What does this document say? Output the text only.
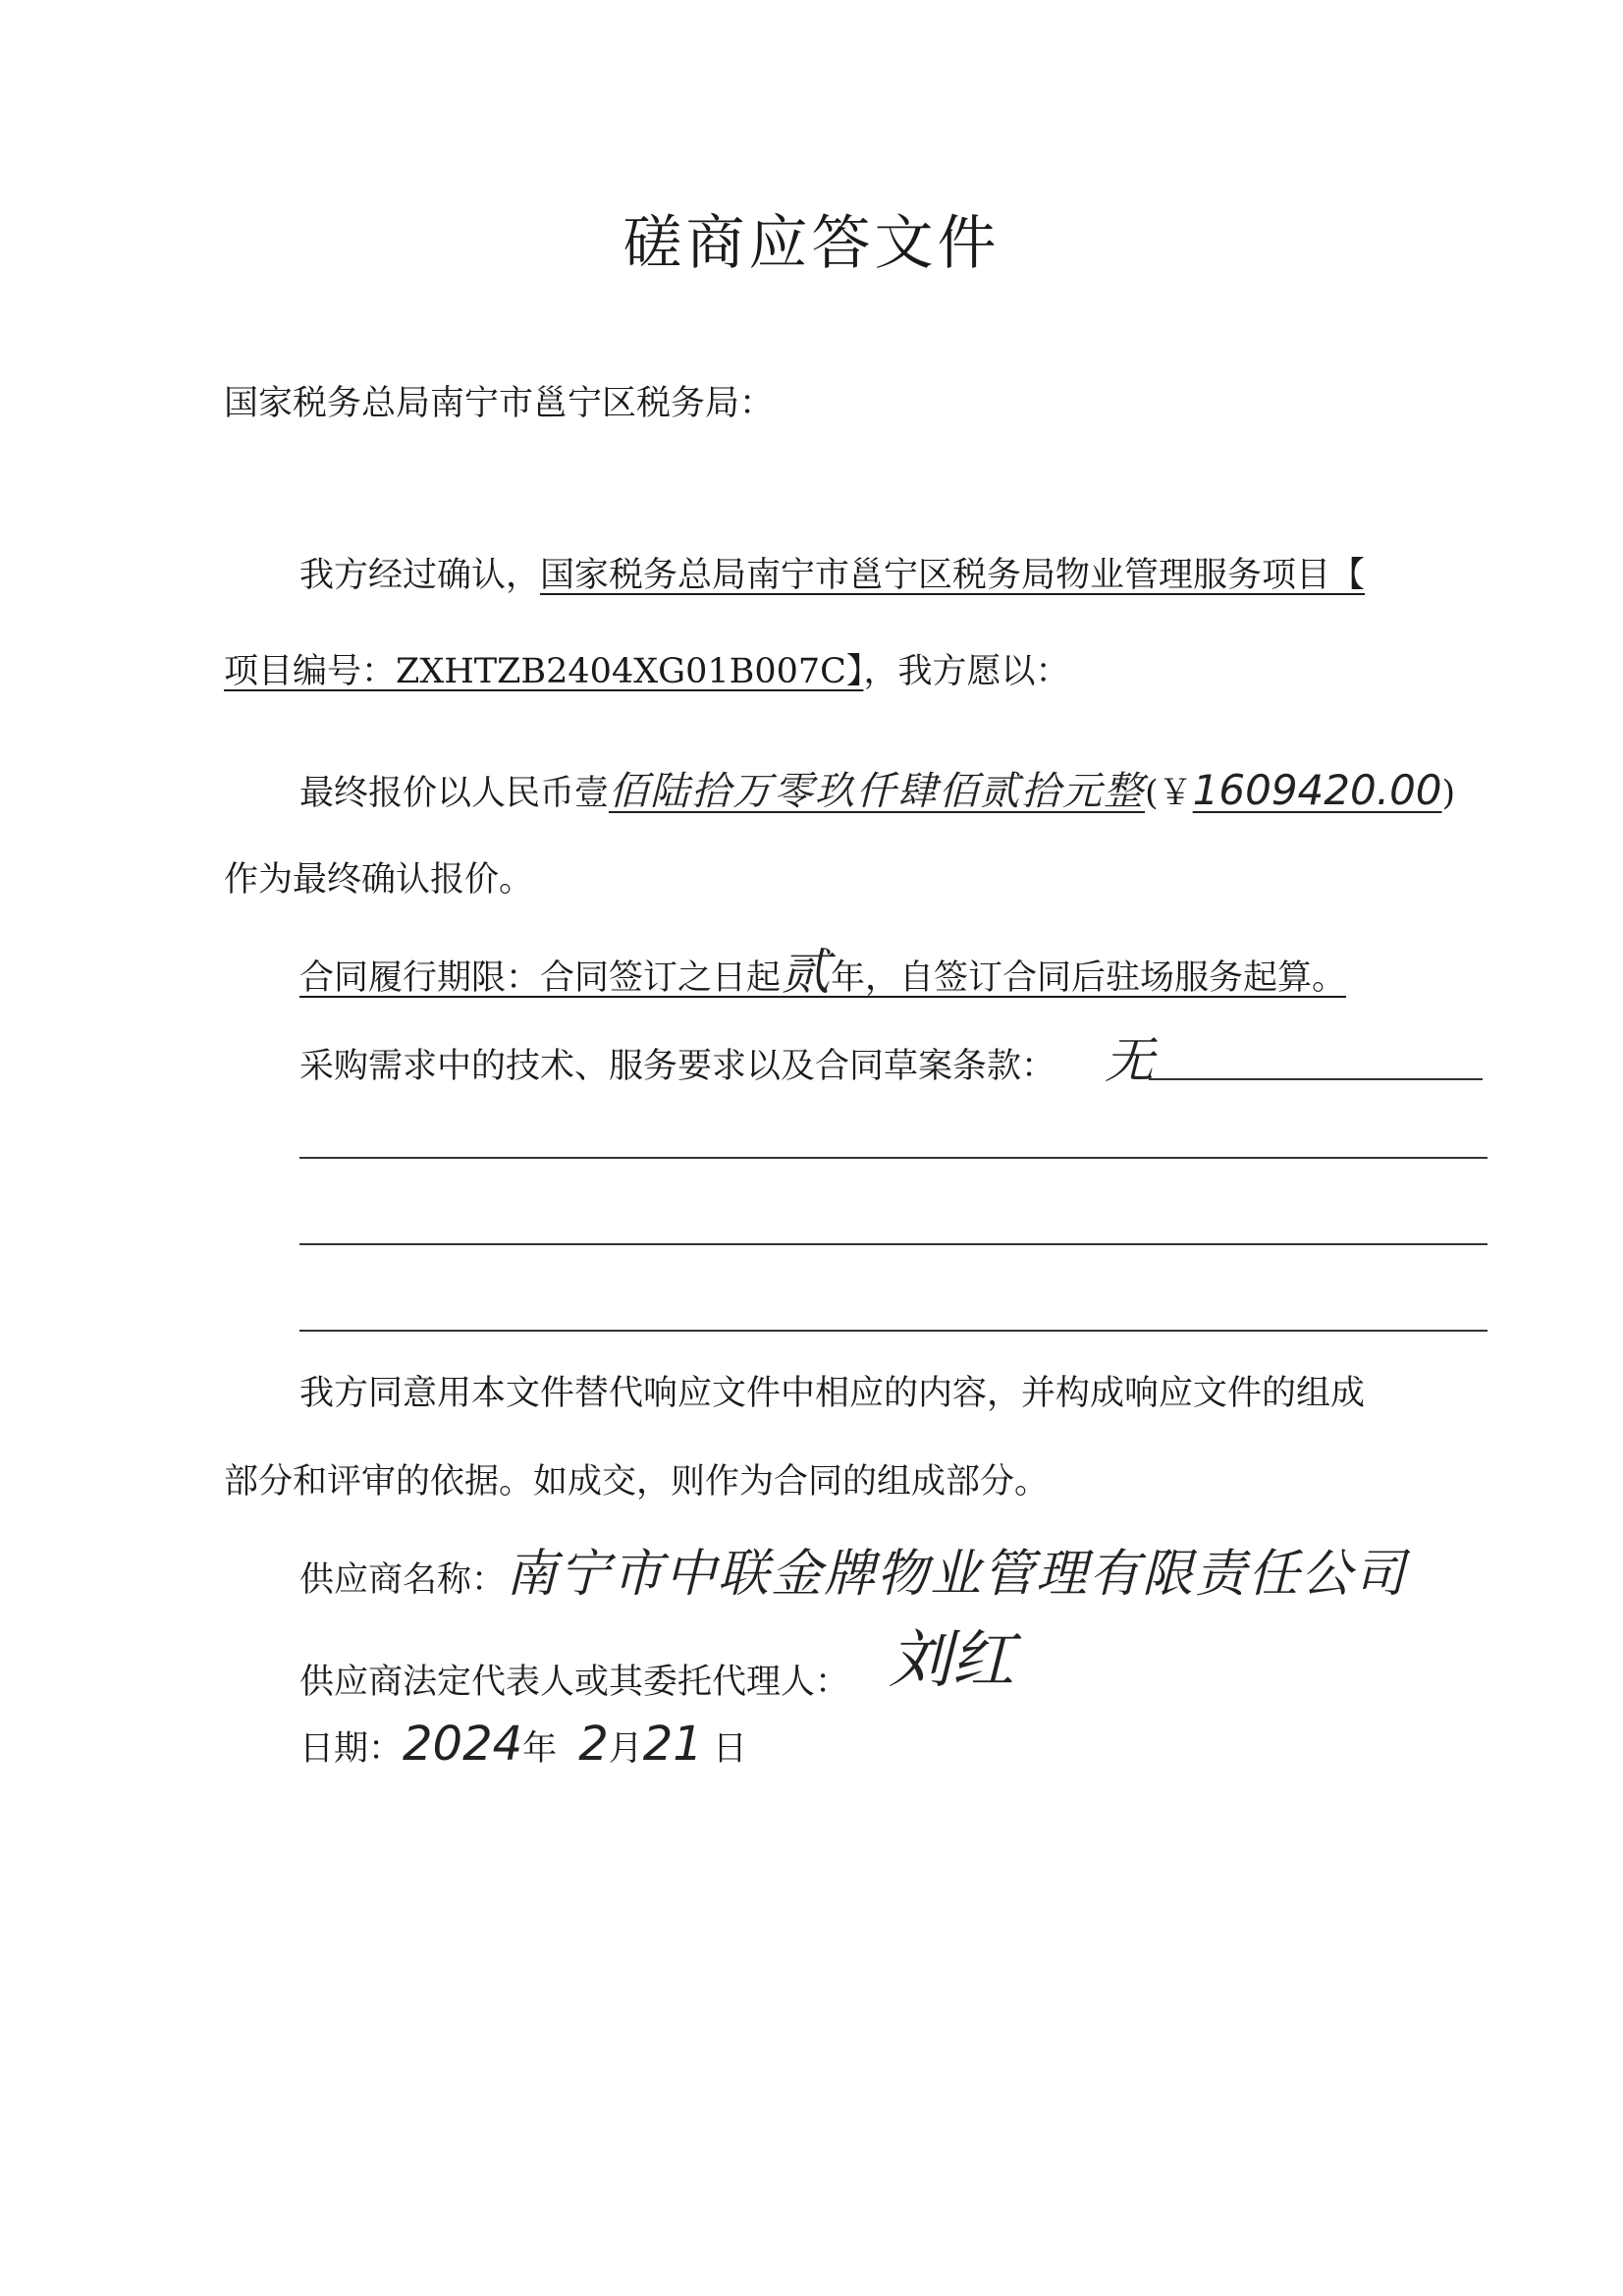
磋商应答文件
国家税务总局南宁市邕宁区税务局：
我方经过确认，国家税务总局南宁市邕宁区税务局物业管理服务项目【
项目编号：ZXHTZB2404XG01B007C】，我方愿以：
最终报价以人民币壹佰陆拾万零玖仟肆佰贰拾元整(￥1609420.00)
作为最终确认报价。
合同履行期限：合同签订之日起贰年，自签订合同后驻场服务起算。
采购需求中的技术、服务要求以及合同草案条款： 无
我方同意用本文件替代响应文件中相应的内容，并构成响应文件的组成
部分和评审的依据。如成交，则作为合同的组成部分。
供应商名称：南宁市中联金牌物业管理有限责任公司
供应商法定代表人或其委托代理人： 刘红
日期：2024年 2月21 日
